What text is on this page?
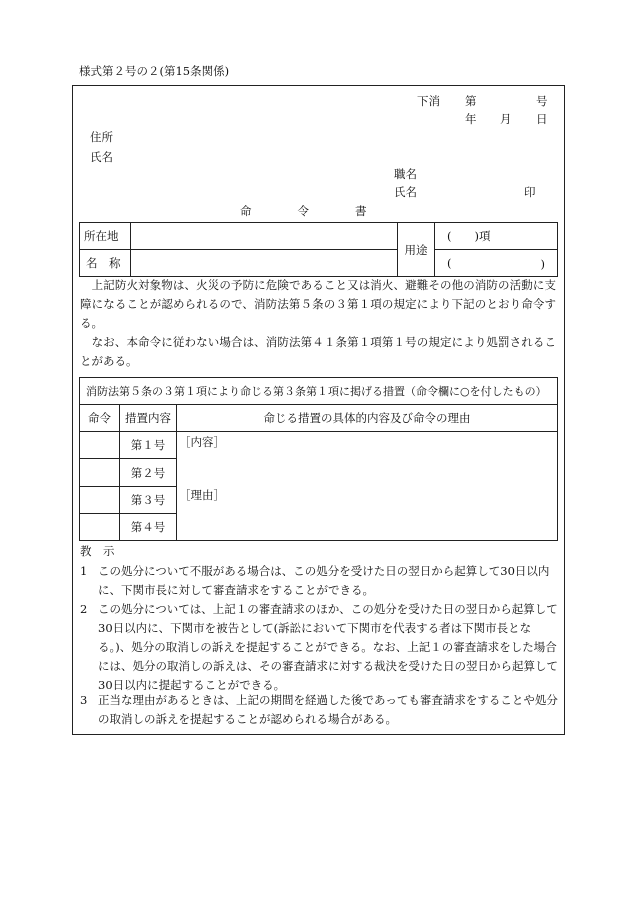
様式第２号の２(第15条関係)
下消 第	号
年 月 日
住所
氏名
職名
氏名	印
命　　　　令　　　　書
所在地		用途	(　　)項
名　称			( )
　上記防火対象物は、火災の予防に危険であること又は消火、避難その他の消防の活動に支障になることが認められるので、消防法第５条の３第１項の規定により下記のとおり命令する。
　なお、本命令に従わない場合は、消防法第４１条第１項第１号の規定により処罰されることがある。
消防法第５条の３第１項により命じる第３条第１項に掲げる措置（命令欄に○を付したもの）		
命令	措置内容	命じる措置の具体的内容及び命令の理由
	第１号	［内容］
［理由］

	第２号	
	第３号	
	第４号	
教　示
1 この処分について不服がある場合は、この処分を受けた日の翌日から起算して30日以内に、下関市長に対して審査請求をすることができる。
2 この処分については、上記１の審査請求のほか、この処分を受けた日の翌日から起算して30日以内に、下関市を被告として(訴訟において下関市を代表する者は下関市長となる。)、処分の取消しの訴えを提起することができる。なお、上記１の審査請求をした場合には、処分の取消しの訴えは、その審査請求に対する裁決を受けた日の翌日から起算して30日以内に提起することができる。
3 正当な理由があるときは、上記の期間を経過した後であっても審査請求をすることや処分の取消しの訴えを提起することが認められる場合がある。
